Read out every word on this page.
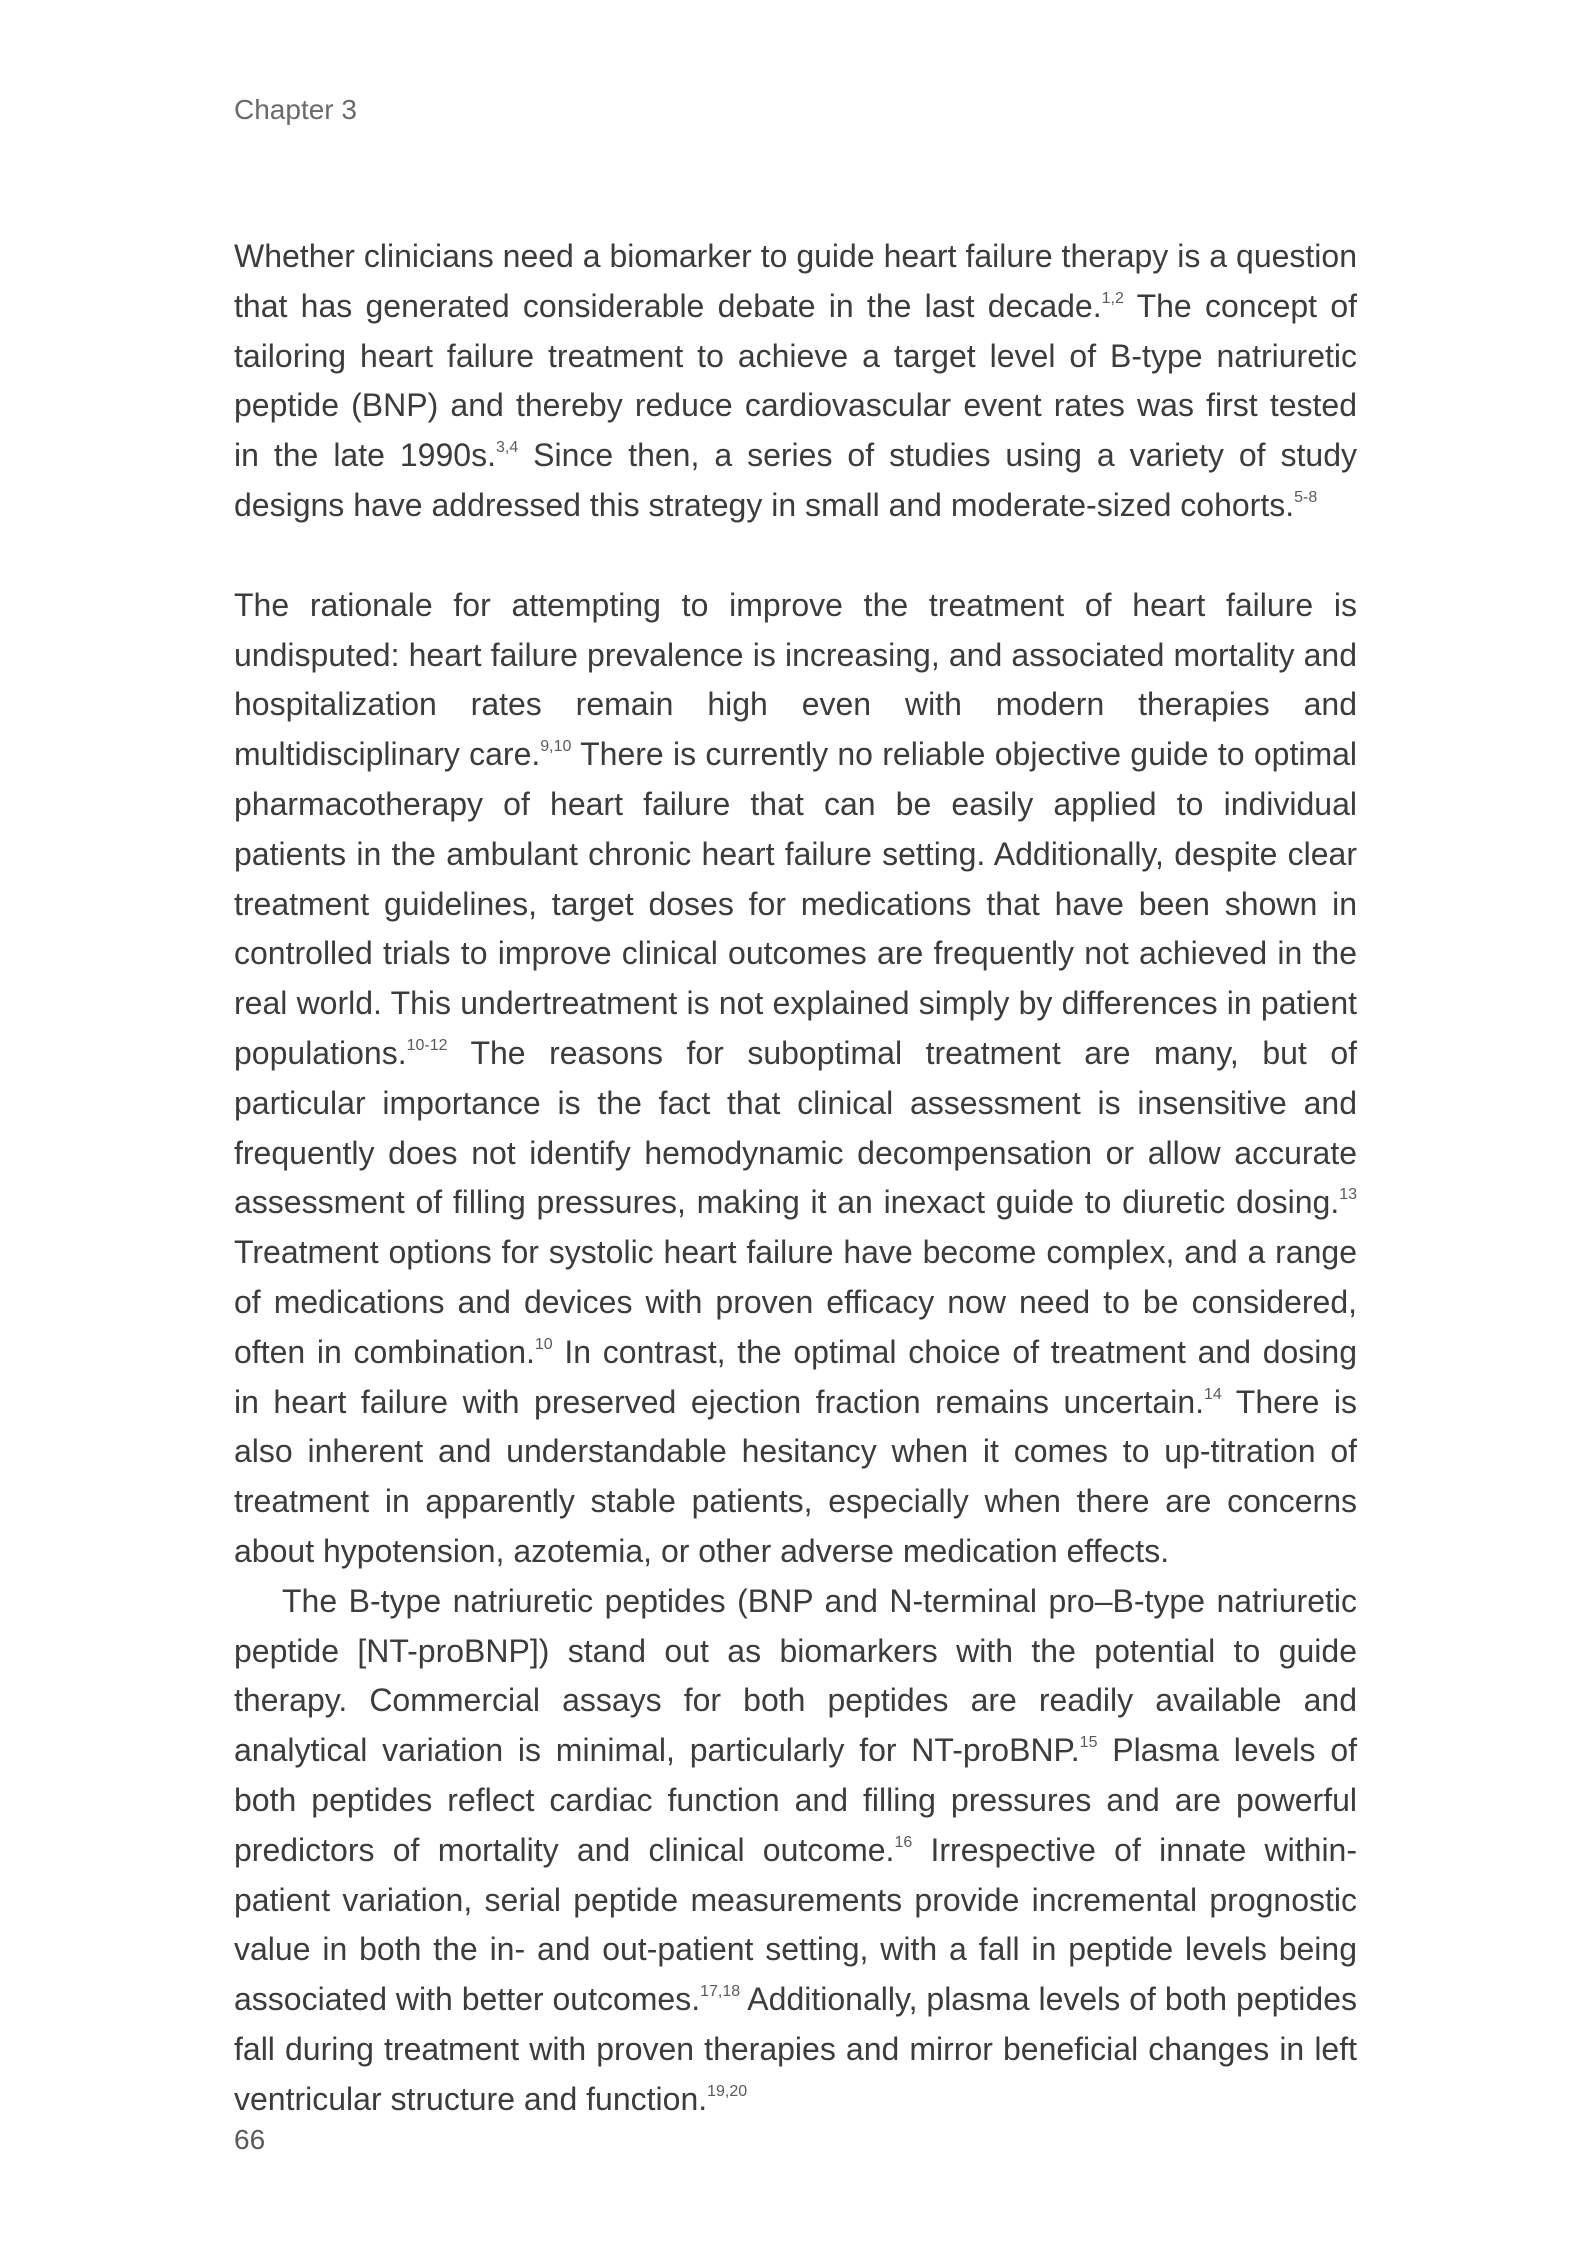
Chapter 3

Whether clinicians need a biomarker to guide heart failure therapy is a question that has generated considerable debate in the last decade.$^{1,2}$ The concept of tailoring heart failure treatment to achieve a target level of B-type natriuretic peptide (BNP) and thereby reduce cardiovascular event rates was first tested in the late 1990s.$^{3,4}$ Since then, a series of studies using a variety of study designs have addressed this strategy in small and moderate-sized cohorts.$^{5-8}$

The rationale for attempting to improve the treatment of heart failure is undisputed: heart failure prevalence is increasing, and associated mortality and hospitalization rates remain high even with modern therapies and multidisciplinary care.$^{9,10}$ There is currently no reliable objective guide to optimal pharmacotherapy of heart failure that can be easily applied to individual patients in the ambulant chronic heart failure setting. Additionally, despite clear treatment guidelines, target doses for medications that have been shown in controlled trials to improve clinical outcomes are frequently not achieved in the real world. This undertreatment is not explained simply by differences in patient populations.$^{10-12}$ The reasons for suboptimal treatment are many, but of particular importance is the fact that clinical assessment is insensitive and frequently does not identify hemodynamic decompensation or allow accurate assessment of filling pressures, making it an inexact guide to diuretic dosing.$^{13}$ Treatment options for systolic heart failure have become complex, and a range of medications and devices with proven efficacy now need to be considered, often in combination.$^{10}$ In contrast, the optimal choice of treatment and dosing in heart failure with preserved ejection fraction remains uncertain.$^{14}$ There is also inherent and understandable hesitancy when it comes to up-titration of treatment in apparently stable patients, especially when there are concerns about hypotension, azotemia, or other adverse medication effects.

The B-type natriuretic peptides (BNP and N-terminal pro–B-type natriuretic peptide [NT-proBNP]) stand out as biomarkers with the potential to guide therapy. Commercial assays for both peptides are readily available and analytical variation is minimal, particularly for NT-proBNP.$^{15}$ Plasma levels of both peptides reflect cardiac function and filling pressures and are powerful predictors of mortality and clinical outcome.$^{16}$ Irrespective of innate within-patient variation, serial peptide measurements provide incremental prognostic value in both the in- and out-patient setting, with a fall in peptide levels being associated with better outcomes.$^{17,18}$ Additionally, plasma levels of both peptides fall during treatment with proven therapies and mirror beneficial changes in left ventricular structure and function.$^{19,20}$

66
